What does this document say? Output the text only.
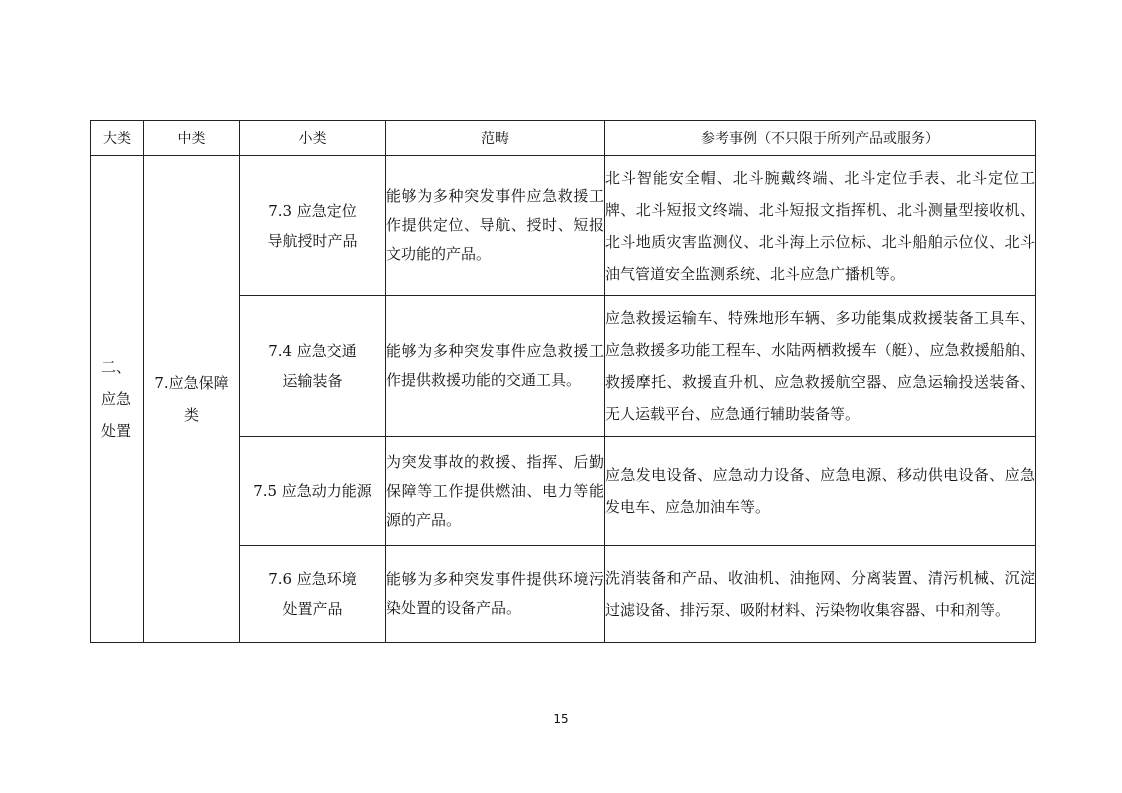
大类	中类	小类	范畴	参考事例（不只限于所列产品或服务）
二、应急处置	7.应急保障类	7.3 应急定位导航授时产品	能够为多种突发事件应急救援工作提供定位、导航、授时、短报文功能的产品。	北斗智能安全帽、北斗腕戴终端、北斗定位手表、北斗定位工牌、北斗短报文终端、北斗短报文指挥机、北斗测量型接收机、北斗地质灾害监测仪、北斗海上示位标、北斗船舶示位仪、北斗油气管道安全监测系统、北斗应急广播机等。
		7.4 应急交通运输装备	能够为多种突发事件应急救援工作提供救援功能的交通工具。	应急救援运输车、特殊地形车辆、多功能集成救援装备工具车、应急救援多功能工程车、水陆两栖救援车（艇）、应急救援船舶、救援摩托、救援直升机、应急救援航空器、应急运输投送装备、无人运载平台、应急通行辅助装备等。
		7.5 应急动力能源	为突发事故的救援、指挥、后勤保障等工作提供燃油、电力等能源的产品。	应急发电设备、应急动力设备、应急电源、移动供电设备、应急发电车、应急加油车等。
		7.6 应急环境处置产品	能够为多种突发事件提供环境污染处置的设备产品。	洗消装备和产品、收油机、油拖网、分离装置、清污机械、沉淀过滤设备、排污泵、吸附材料、污染物收集容器、中和剂等。
15
